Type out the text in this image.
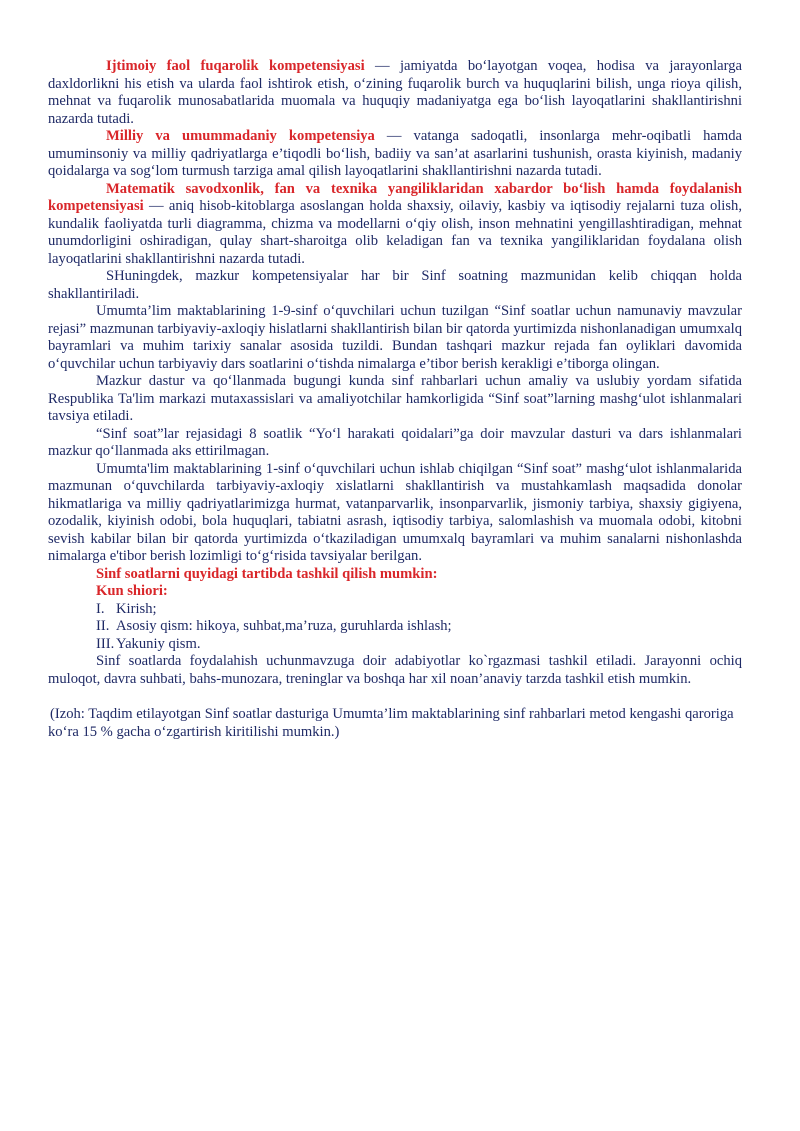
Ijtimoiy faol fuqarolik kompetensiyasi — jamiyatda bo‘layotgan voqea, hodisa va jarayonlarga daxldorlikni his etish va ularda faol ishtirok etish, o‘zining fuqarolik burch va huquqlarini bilish, unga rioya qilish, mehnat va fuqarolik munosabatlarida muomala va huquqiy madaniyatga ega bo‘lish layoqatlarini shakllantirishni nazarda tutadi.

Milliy va umummadaniy kompetensiya — vatanga sadoqatli, insonlarga mehr-oqibatli hamda umuminsoniy va milliy qadriyatlarga e’tiqodli bo‘lish, badiiy va san’at asarlarini tushunish, orasta kiyinish, madaniy qoidalarga va sog‘lom turmush tarziga amal qilish layoqatlarini shakllantirishni nazarda tutadi.

Matematik savodxonlik, fan va texnika yangiliklaridan xabardor bo‘lish hamda foydalanish kompetensiyasi — aniq hisob-kitoblarga asoslangan holda shaxsiy, oilaviy, kasbiy va iqtisodiy rejalarni tuza olish, kundalik faoliyatda turli diagramma, chizma va modellarni o‘qiy olish, inson mehnatini yengillashtiradigan, mehnat unumdorligini oshiradigan, qulay shart-sharoitga olib keladigan fan va texnika yangiliklaridan foydalana olish layoqatlarini shakllantirishni nazarda tutadi.

SHuningdek, mazkur kompetensiyalar har bir Sinf soatning mazmunidan kelib chiqqan holda shakllantiriladi.

Umumta’lim maktablarining 1-9-sinf o‘quvchilari uchun tuzilgan “Sinf soatlar uchun namunaviy mavzular rejasi” mazmunan tarbiyaviy-axloqiy hislatlarni shakllantirish bilan bir qatorda yurtimizda nishonlanadigan umumxalq bayramlari va muhim tarixiy sanalar asosida tuzildi. Bundan tashqari mazkur rejada fan oyliklari davomida o‘quvchilar uchun tarbiyaviy dars soatlarini o‘tishda nimalarga e’tibor berish kerakligi e’tiborga olingan.

Mazkur dastur va qo‘llanmada bugungi kunda sinf rahbarlari uchun amaliy va uslubiy yordam sifatida Respublika Ta'lim markazi mutaxassislari va amaliyotchilar hamkorligida “Sinf soat”larning mashg‘ulot ishlanmalari tavsiya etiladi.

“Sinf soat”lar rejasidagi 8 soatlik “Yo‘l harakati qoidalari”ga doir mavzular dasturi va dars ishlanmalari mazkur qo‘llanmada aks ettirilmagan.

Umumta'lim maktablarining 1-sinf o‘quvchilari uchun ishlab chiqilgan “Sinf soat” mashg‘ulot ishlanmalarida mazmunan o‘quvchilarda tarbiyaviy-axloqiy xislatlarni shakllantirish va mustahkamlash maqsadida donolar hikmatlariga va milliy qadriyatlarimizga hurmat, vatanparvarlik, insonparvarlik, jismoniy tarbiya, shaxsiy gigiyena, ozodalik, kiyinish odobi, bola huquqlari, tabiatni asrash, iqtisodiy tarbiya, salomlashish va muomala odobi, kitobni sevish kabilar bilan bir qatorda yurtimizda o‘tkaziladigan umumxalq bayramlari va muhim sanalarni nishonlashda nimalarga e'tibor berish lozimligi to‘g‘risida tavsiyalar berilgan.

Sinf soatlarni quyidagi tartibda tashkil qilish mumkin:
Kun shiori:

I. Kirish;

II. Asosiy qism: hikoya, suhbat,ma’ruza, guruhlarda ishlash;

III. Yakuniy qism.

Sinf soatlarda foydalahish uchunmavzuga doir adabiyotlar ko`rgazmasi tashkil etiladi. Jarayonni ochiq muloqot, davra suhbati, bahs-munozara, treninglar va boshqa har xil noan’anaviy tarzda tashkil etish mumkin.

(Izoh: Taqdim etilayotgan Sinf soatlar dasturiga Umumta’lim maktablarining sinf rahbarlari metod kengashi qaroriga ko‘ra 15 % gacha o‘zgartirish kiritilishi mumkin.)
